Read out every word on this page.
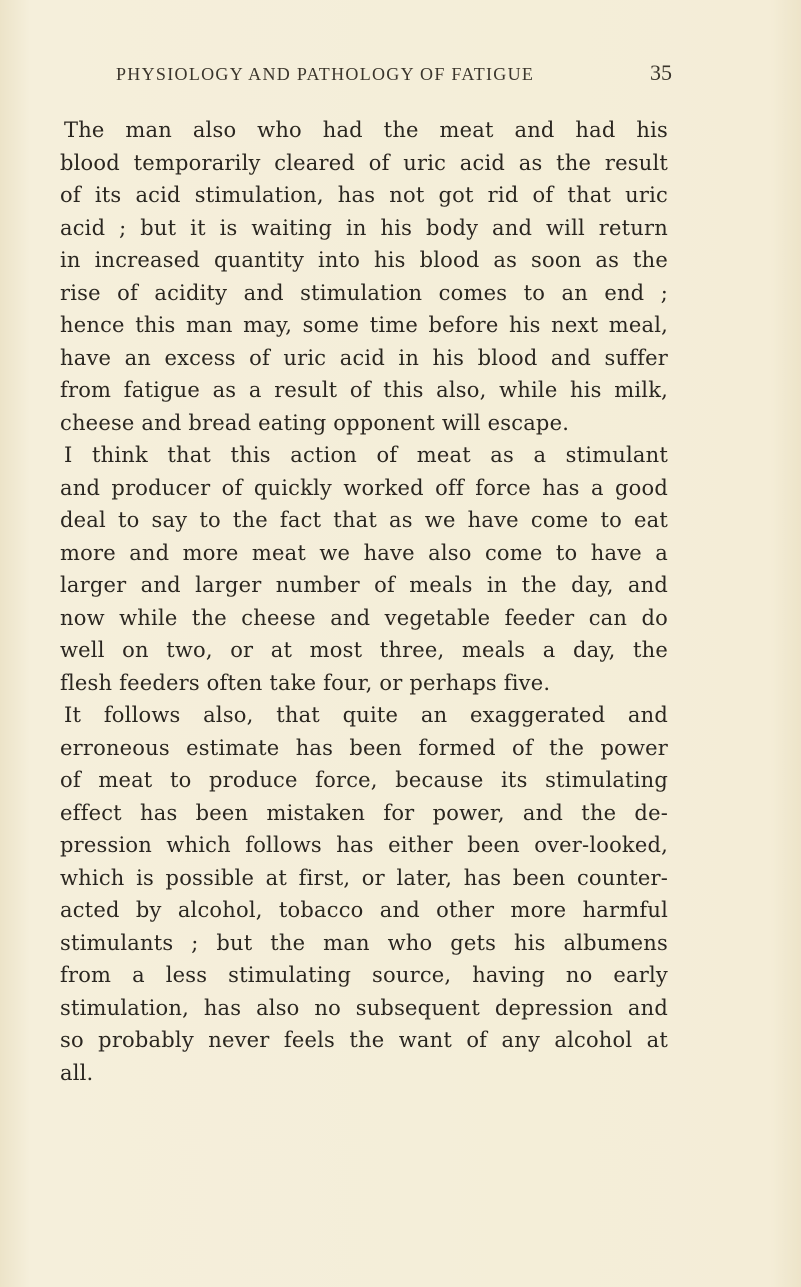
PHYSIOLOGY AND PATHOLOGY OF FATIGUE	35
The man also who had the meat and had his
blood temporarily cleared of uric acid as the result
of its acid stimulation, has not got rid of that uric
acid ; but it is waiting in his body and will return
in increased quantity into his blood as soon as the
rise of acidity and stimulation comes to an end ;
hence this man may, some time before his next meal,
have an excess of uric acid in his blood and suffer
from fatigue as a result of this also, while his milk,
cheese and bread eating opponent will escape.
I think that this action of meat as a stimulant
and producer of quickly worked off force has a good
deal to say to the fact that as we have come to eat
more and more meat we have also come to have a
larger and larger number of meals in the day, and
now while the cheese and vegetable feeder can do
well on two, or at most three, meals a day, the
flesh feeders often take four, or perhaps five.
It follows also, that quite an exaggerated and
erroneous estimate has been formed of the power
of meat to produce force, because its stimulating
effect has been mistaken for power, and the de-
pression which follows has either been over-looked,
which is possible at first, or later, has been counter-
acted by alcohol, tobacco and other more harmful
stimulants ; but the man who gets his albumens
from a less stimulating source, having no early
stimulation, has also no subsequent depression and
so probably never feels the want of any alcohol at
all.
